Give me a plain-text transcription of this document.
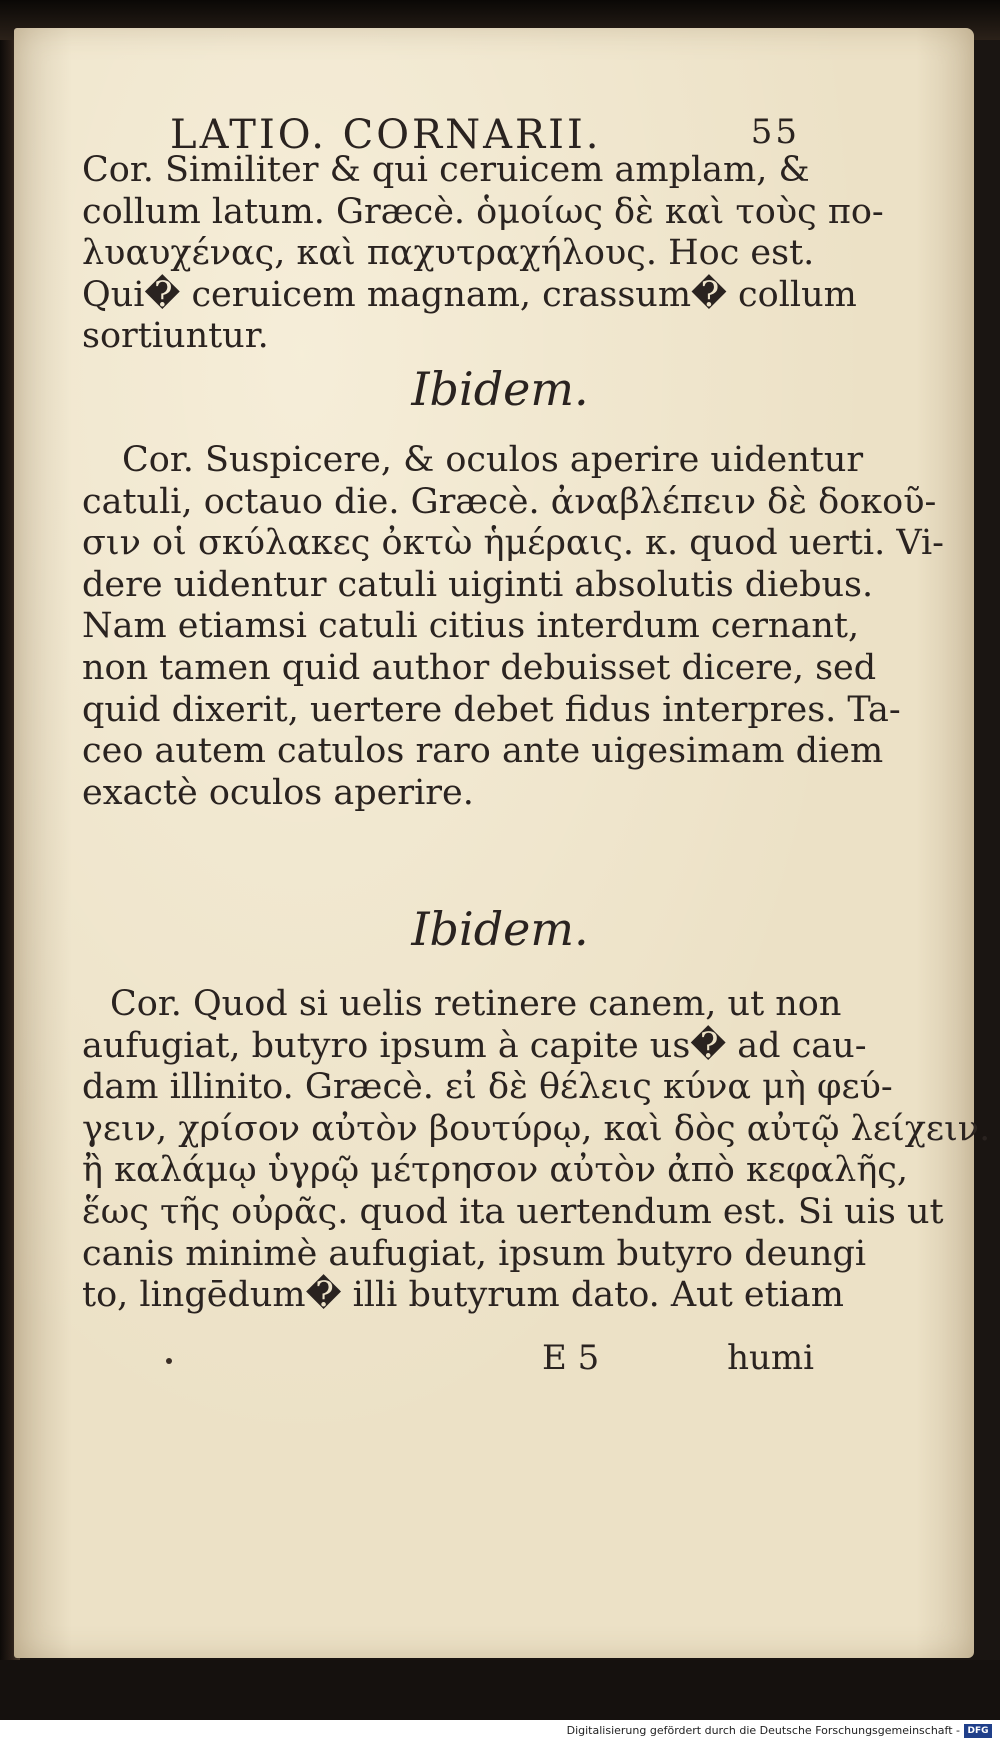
LATIO. CORNARII.	55

Cor. Similiter & qui ceruicem amplam, &
collum latum. Græcè. ὁμοίως δὲ καὶ τοὺς πο-
λυαυχένας, καὶ παχυτραχήλους. Hoc est.
Qui� ceruicem magnam, crassum� collum
sortiuntur.

Ibidem.

Cor. Suspicere, & oculos aperire uidentur
catuli, octauo die. Græcè. ἀναβλέπειν δὲ δοκοῦ-
σιν οἱ σκύλακες ὀκτὼ ἡμέραις. κ. quod uerti. Vi-
dere uidentur catuli uiginti absolutis diebus.
Nam etiamsi catuli citius interdum cernant,
non tamen quid author debuisset dicere, sed
quid dixerit, uertere debet fidus interpres. Ta-
ceo autem catulos raro ante uigesimam diem
exactè oculos aperire.

Ibidem.

Cor. Quod si uelis retinere canem, ut non
aufugiat, butyro ipsum à capite us� ad cau-
dam illinito. Græcè. εἰ δὲ θέλεις κύνα μὴ φεύ-
γειν, χρίσον αὐτὸν βουτύρῳ, καὶ δὸς αὐτῷ λείχειν.
ἢ καλάμῳ ὑγρῷ μέτρησον αὐτὸν ἀπὸ κεφαλῆς,
ἕως τῆς οὐρᾶς. quod ita uertendum est. Si uis ut
canis minimè aufugiat, ipsum butyro deungi
to, lingēdum� illi butyrum dato. Aut etiam

E 5	humi
Digitalisierung gefördert durch die Deutsche Forschungsgemeinschaft - DFG
